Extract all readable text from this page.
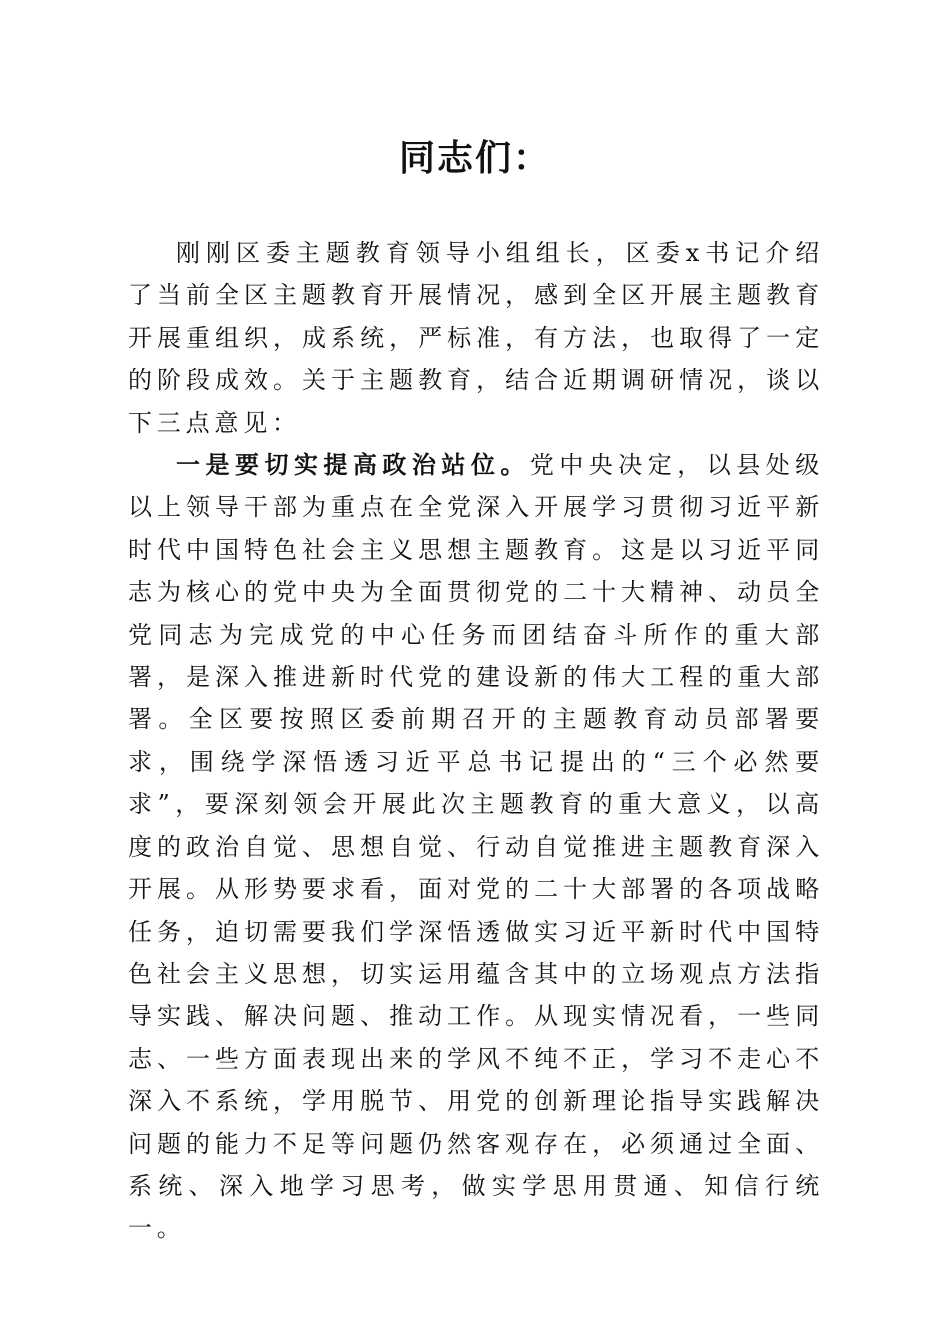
同志们：

刚刚区委主题教育领导小组组长，区委x书记介绍了当前全区主题教育开展情况，感到全区开展主题教育开展重组织，成系统，严标准，有方法，也取得了一定的阶段成效。关于主题教育，结合近期调研情况，谈以下三点意见：

一是要切实提高政治站位。党中央决定，以县处级以上领导干部为重点在全党深入开展学习贯彻习近平新时代中国特色社会主义思想主题教育。这是以习近平同志为核心的党中央为全面贯彻党的二十大精神、动员全党同志为完成党的中心任务而团结奋斗所作的重大部署，是深入推进新时代党的建设新的伟大工程的重大部署。全区要按照区委前期召开的主题教育动员部署要求，围绕学深悟透习近平总书记提出的“三个必然要求”，要深刻领会开展此次主题教育的重大意义，以高度的政治自觉、思想自觉、行动自觉推进主题教育深入开展。从形势要求看，面对党的二十大部署的各项战略任务，迫切需要我们学深悟透做实习近平新时代中国特色社会主义思想，切实运用蕴含其中的立场观点方法指导实践、解决问题、推动工作。从现实情况看，一些同志、一些方面表现出来的学风不纯不正，学习不走心不深入不系统，学用脱节、用党的创新理论指导实践解决问题的能力不足等问题仍然客观存在，必须通过全面、系统、深入地学习思考，做实学思用贯通、知信行统一。
